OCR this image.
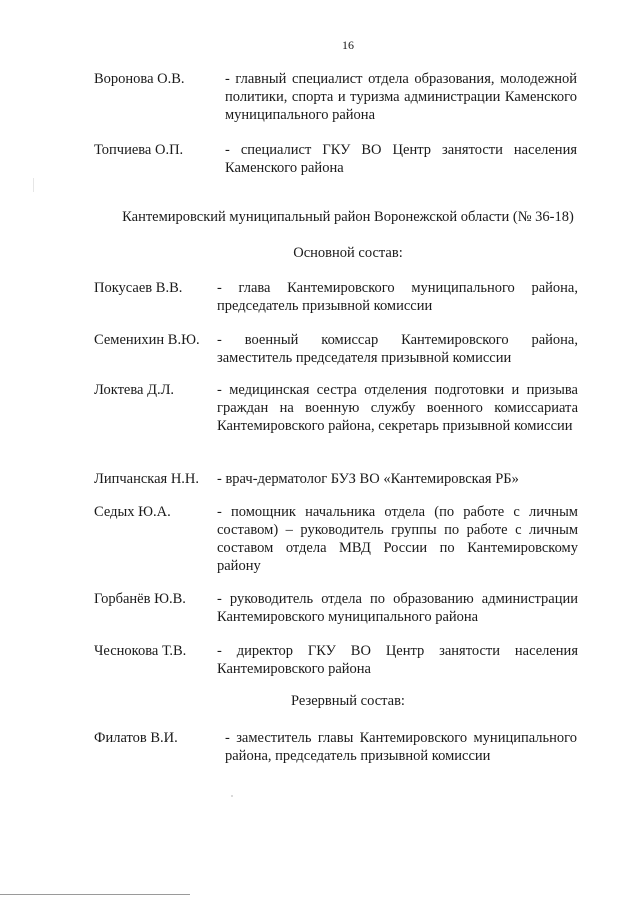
16
Воронова О.В.	- главный специалист отдела образования, молодежной политики, спорта и туризма администрации Каменского муниципального района
Топчиева О.П.	- специалист ГКУ ВО Центр занятости населения Каменского района
Кантемировский муниципальный район Воронежской области (№ 36-18)
Основной состав:
Покусаев В.В. - глава Кантемировского муниципального района, председатель призывной комиссии
Семенихин В.Ю. - военный комиссар Кантемировского района, заместитель председателя призывной комиссии
Локтева Д.Л.	- медицинская сестра отделения подготовки и призыва граждан на военную службу военного комиссариата Кантемировского района, секретарь призывной комиссии
Липчанская Н.Н. - врач-дерматолог БУЗ ВО «Кантемировская РБ»
Седых Ю.А.	- помощник начальника отдела (по работе с личным составом) – руководитель группы по работе с личным составом отдела МВД России по Кантемировскому району
Горбанёв Ю.В. - руководитель отдела по образованию администрации Кантемировского муниципального района
Чеснокова Т.В. - директор ГКУ ВО Центр занятости населения Кантемировского района
Резервный состав:
Филатов В.И.	- заместитель главы Кантемировского муниципального района, председатель призывной комиссии
